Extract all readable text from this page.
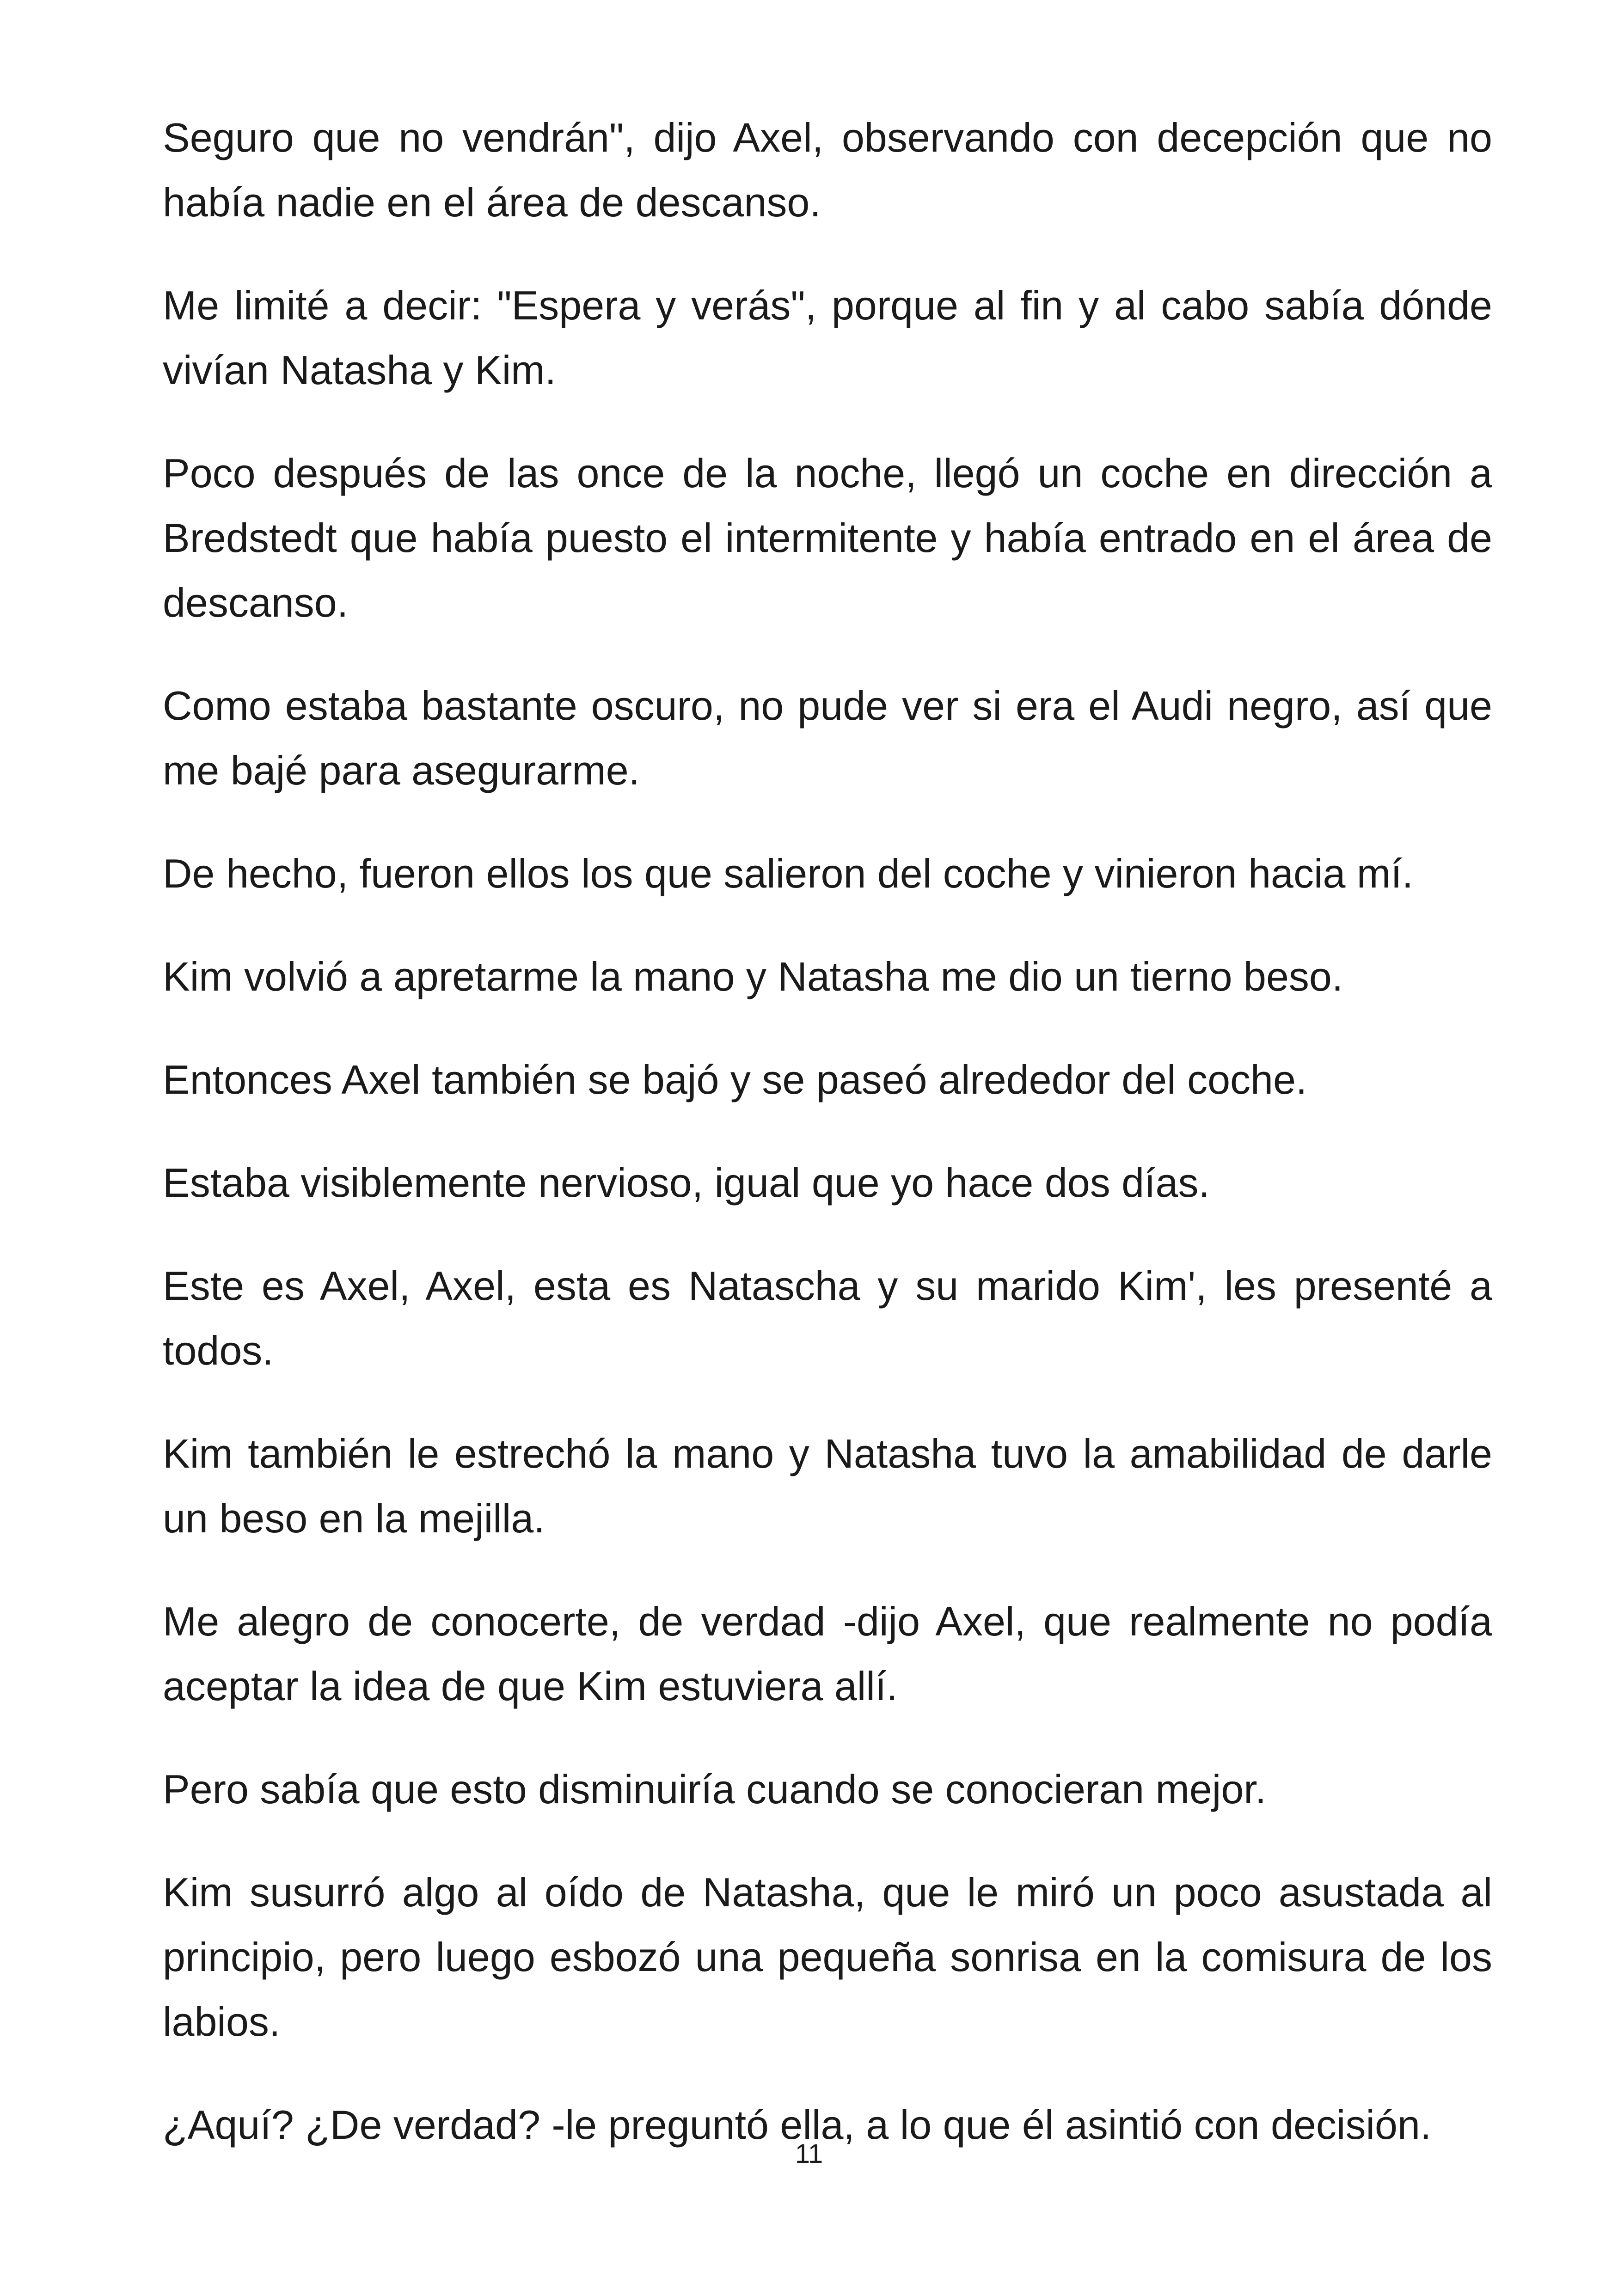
Seguro que no vendrán", dijo Axel, observando con decepción que no había nadie en el área de descanso.

Me limité a decir: "Espera y verás", porque al fin y al cabo sabía dónde vivían Natasha y Kim.

Poco después de las once de la noche, llegó un coche en dirección a Bredstedt que había puesto el intermitente y había entrado en el área de descanso.

Como estaba bastante oscuro, no pude ver si era el Audi negro, así que me bajé para asegurarme.

De hecho, fueron ellos los que salieron del coche y vinieron hacia mí.

Kim volvió a apretarme la mano y Natasha me dio un tierno beso.

Entonces Axel también se bajó y se paseó alrededor del coche.

Estaba visiblemente nervioso, igual que yo hace dos días.

Este es Axel, Axel, esta es Natascha y su marido Kim', les presenté a todos.

Kim también le estrechó la mano y Natasha tuvo la amabilidad de darle un beso en la mejilla.

Me alegro de conocerte, de verdad -dijo Axel, que realmente no podía aceptar la idea de que Kim estuviera allí.

Pero sabía que esto disminuiría cuando se conocieran mejor.

Kim susurró algo al oído de Natasha, que le miró un poco asustada al principio, pero luego esbozó una pequeña sonrisa en la comisura de los labios.

¿Aquí? ¿De verdad? -le preguntó ella, a lo que él asintió con decisión.

11
